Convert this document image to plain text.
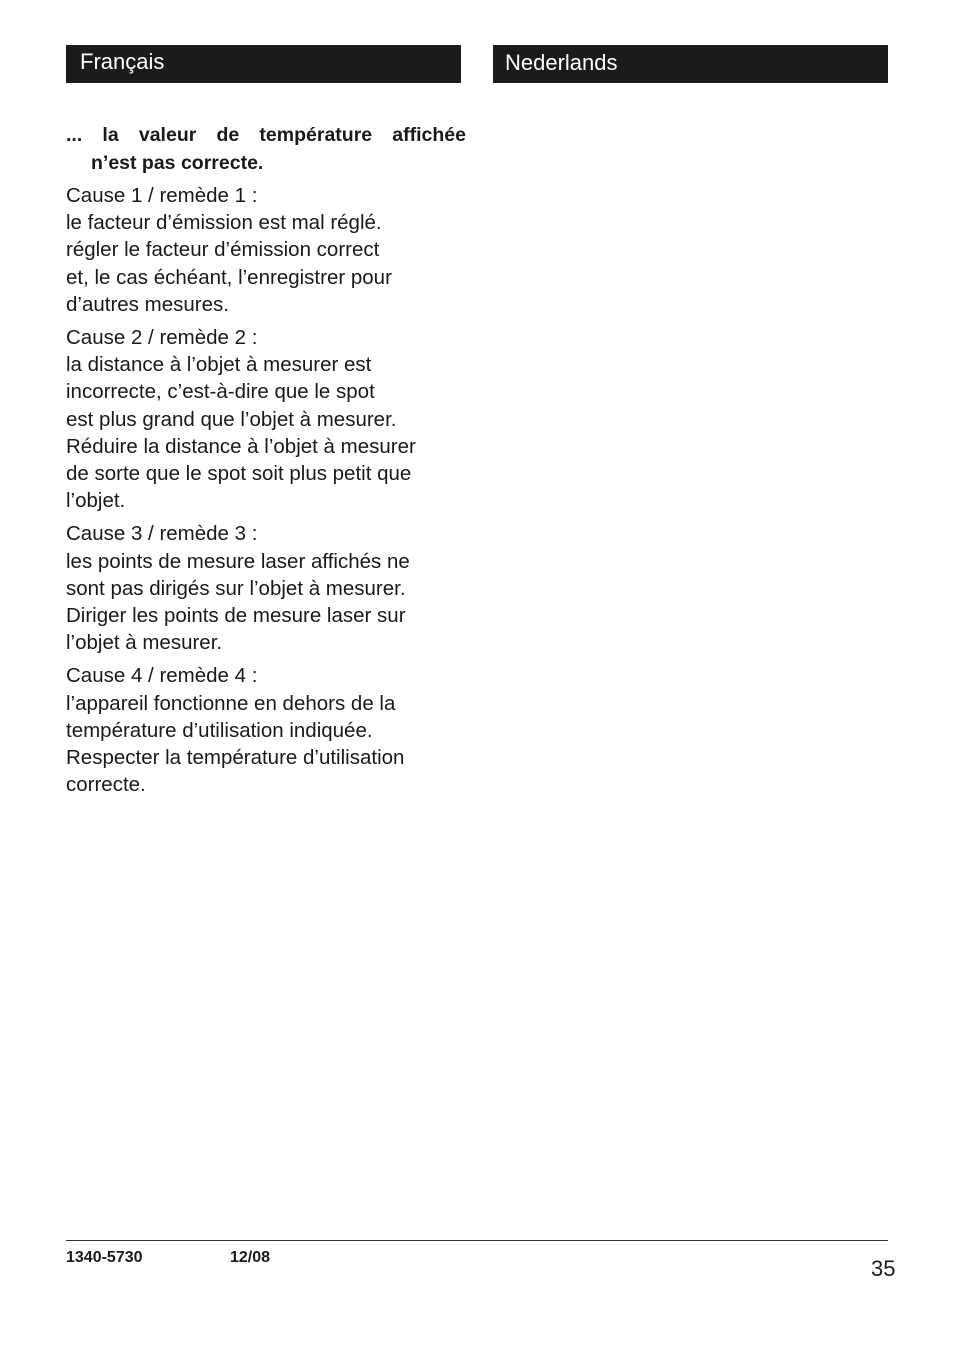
Français	Nederlands

... la valeur de température affichée

n’est pas correcte.

Cause 1 / remède 1 :
le facteur d’émission est mal réglé.
régler le facteur d’émission correct
et, le cas échéant, l’enregistrer pour
d’autres mesures.
Cause 2 / remède 2 :
la distance à l’objet à mesurer est
incorrecte, c’est-à-dire que le spot
est plus grand que l’objet à mesurer.
Réduire la distance à l’objet à mesurer
de sorte que le spot soit plus petit que
l’objet.
Cause 3 / remède 3 :
les points de mesure laser affichés ne
sont pas dirigés sur l’objet à mesurer.
Diriger les points de mesure laser sur
l’objet à mesurer.
Cause 4 / remède 4 :
l’appareil fonctionne en dehors de la
température d’utilisation indiquée.
Respecter la température d’utilisation
correcte.
1340-5730	12/08	35
